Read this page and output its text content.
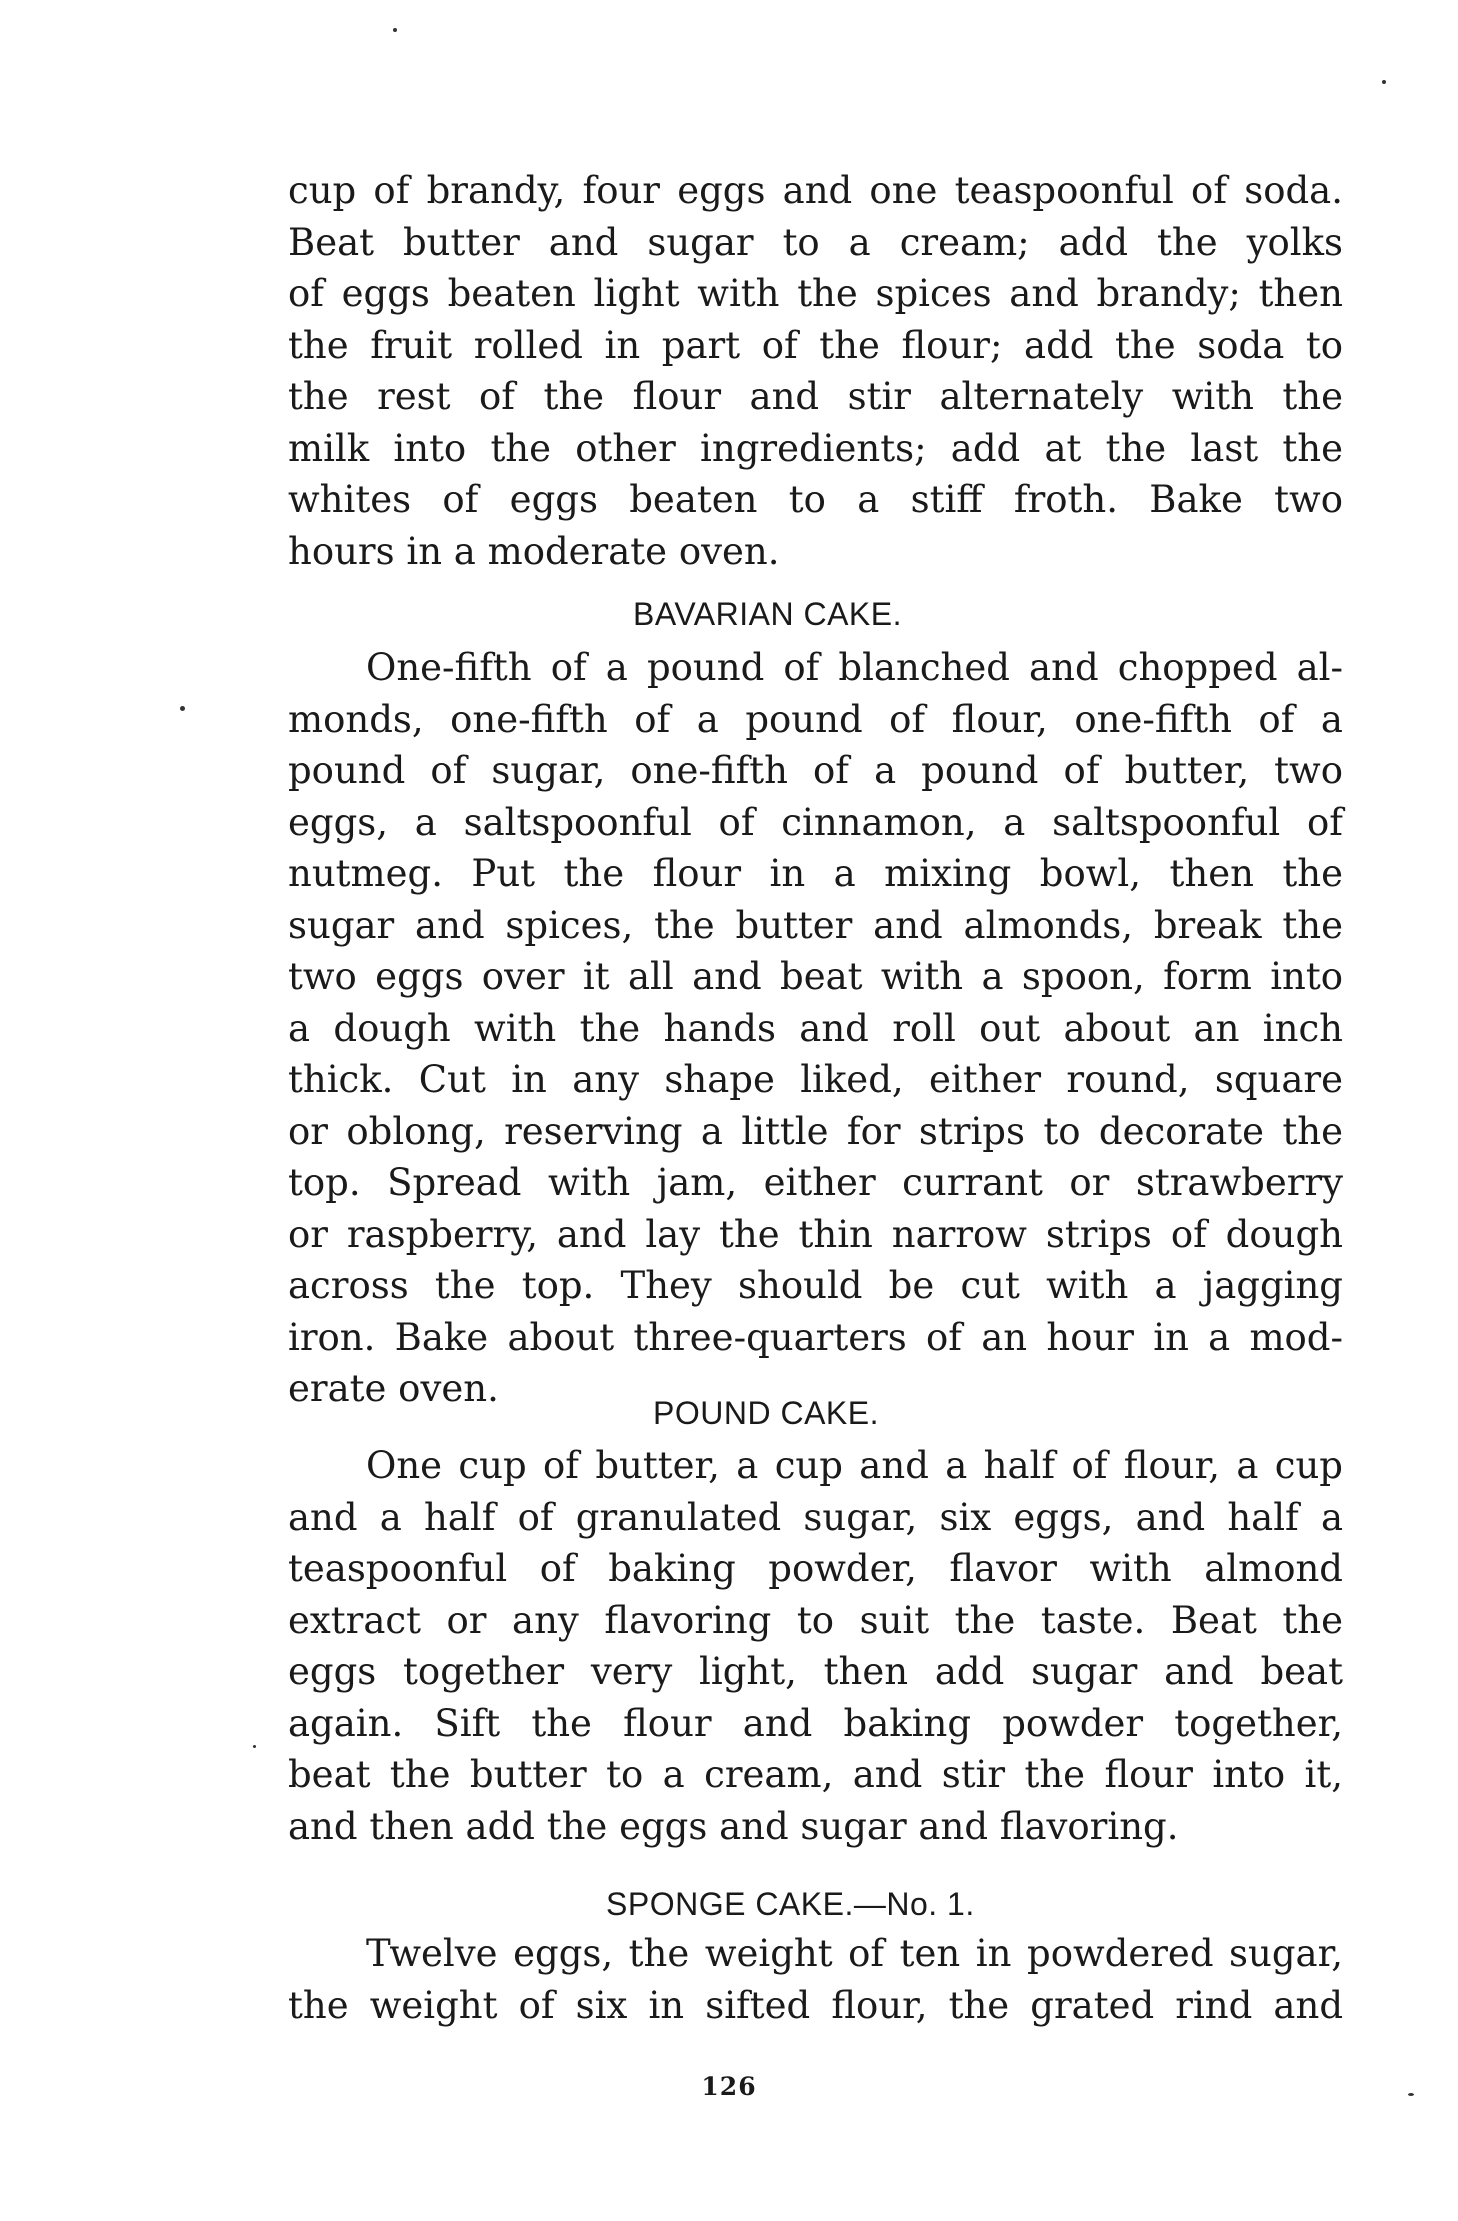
cup of brandy, four eggs and one teaspoonful of soda.
Beat butter and sugar to a cream; add the yolks
of eggs beaten light with the spices and brandy; then
the fruit rolled in part of the flour; add the soda to
the rest of the flour and stir alternately with the
milk into the other ingredients; add at the last the
whites of eggs beaten to a stiff froth. Bake two
hours in a moderate oven.
BAVARIAN CAKE.
One-fifth of a pound of blanched and chopped al-
monds, one-fifth of a pound of flour, one-fifth of a
pound of sugar, one-fifth of a pound of butter, two
eggs, a saltspoonful of cinnamon, a saltspoonful of
nutmeg. Put the flour in a mixing bowl, then the
sugar and spices, the butter and almonds, break the
two eggs over it all and beat with a spoon, form into
a dough with the hands and roll out about an inch
thick. Cut in any shape liked, either round, square
or oblong, reserving a little for strips to decorate the
top. Spread with jam, either currant or strawberry
or raspberry, and lay the thin narrow strips of dough
across the top. They should be cut with a jagging
iron. Bake about three-quarters of an hour in a mod-
erate oven.
POUND CAKE.
One cup of butter, a cup and a half of flour, a cup
and a half of granulated sugar, six eggs, and half a
teaspoonful of baking powder, flavor with almond
extract or any flavoring to suit the taste. Beat the
eggs together very light, then add sugar and beat
again. Sift the flour and baking powder together,
beat the butter to a cream, and stir the flour into it,
and then add the eggs and sugar and flavoring.
SPONGE CAKE.—No. 1.
Twelve eggs, the weight of ten in powdered sugar,
the weight of six in sifted flour, the grated rind and
126
